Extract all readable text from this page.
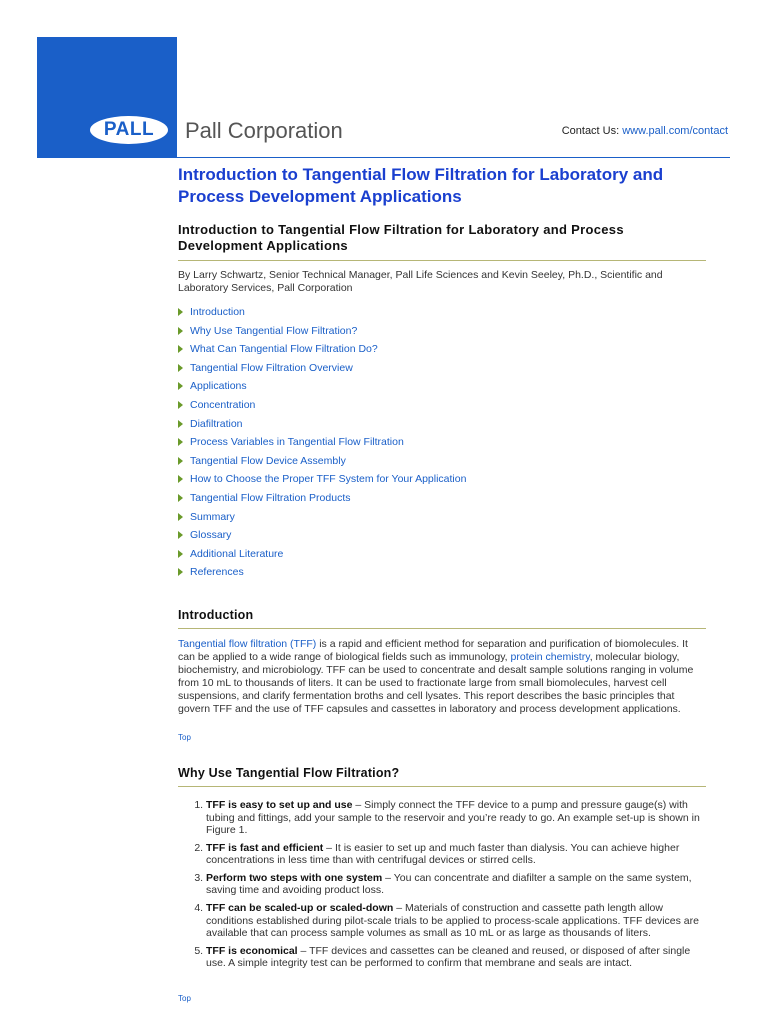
PALL Pall Corporation	Contact Us: www.pall.com/contact
Introduction to Tangential Flow Filtration for Laboratory and Process Development Applications
Introduction to Tangential Flow Filtration for Laboratory and Process Development Applications

By Larry Schwartz, Senior Technical Manager, Pall Life Sciences and Kevin Seeley, Ph.D., Scientific and Laboratory Services, Pall Corporation

Introduction
Why Use Tangential Flow Filtration?
What Can Tangential Flow Filtration Do?
Tangential Flow Filtration Overview
Applications
Concentration
Diafiltration
Process Variables in Tangential Flow Filtration
Tangential Flow Device Assembly
How to Choose the Proper TFF System for Your Application
Tangential Flow Filtration Products
Summary
Glossary
Additional Literature
References
Introduction

Tangential flow filtration (TFF) is a rapid and efficient method for separation and purification of biomolecules. It can be applied to a wide range of biological fields such as immunology, protein chemistry, molecular biology, biochemistry, and microbiology. TFF can be used to concentrate and desalt sample solutions ranging in volume from 10 mL to thousands of liters. It can be used to fractionate large from small biomolecules, harvest cell suspensions, and clarify fermentation broths and cell lysates. This report describes the basic principles that govern TFF and the use of TFF capsules and cassettes in laboratory and process development applications.

Top
Why Use Tangential Flow Filtration?
1. TFF is easy to set up and use – Simply connect the TFF device to a pump and pressure gauge(s) with tubing and fittings, add your sample to the reservoir and you’re ready to go. An example set-up is shown in Figure 1.
2. TFF is fast and efficient – It is easier to set up and much faster than dialysis. You can achieve higher concentrations in less time than with centrifugal devices or stirred cells.
3. Perform two steps with one system – You can concentrate and diafilter a sample on the same system, saving time and avoiding product loss.
4. TFF can be scaled-up or scaled-down – Materials of construction and cassette path length allow conditions established during pilot-scale trials to be applied to process-scale applications. TFF devices are available that can process sample volumes as small as 10 mL or as large as thousands of liters.
5. TFF is economical – TFF devices and cassettes can be cleaned and reused, or disposed of after single use. A simple integrity test can be performed to confirm that membrane and seals are intact.
Top
